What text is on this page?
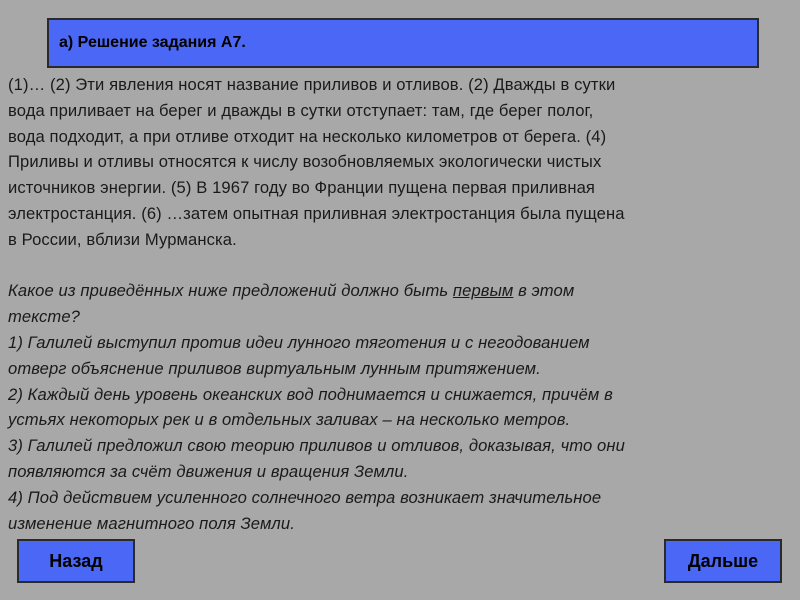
а) Решение задания А7.

(1)… (2) Эти явления носят название приливов и отливов. (2) Дважды в сутки

вода приливает на берег и дважды в сутки отступает: там, где берег полог,

вода подходит, а при отливе отходит на несколько километров от берега. (4)

Приливы и отливы относятся к числу возобновляемых экологически чистых

источников энергии. (5) В 1967 году во Франции пущена первая приливная

электростанция. (6) …затем опытная приливная электростанция была пущена

в России, вблизи Мурманска.

Какое из приведённых ниже предложений должно быть первым в этом

тексте?

1) Галилей выступил против идеи лунного тяготения и с негодованием

отверг объяснение приливов виртуальным лунным притяжением.

2) Каждый день уровень океанских вод поднимается и снижается, причём в

устьях некоторых рек и в отдельных заливах – на несколько метров.

3) Галилей предложил свою теорию приливов и отливов, доказывая, что они

появляются за счёт движения и вращения Земли.

4) Под действием усиленного солнечного ветра возникает значительное

изменение магнитного поля Земли.

Назад	Дальше
